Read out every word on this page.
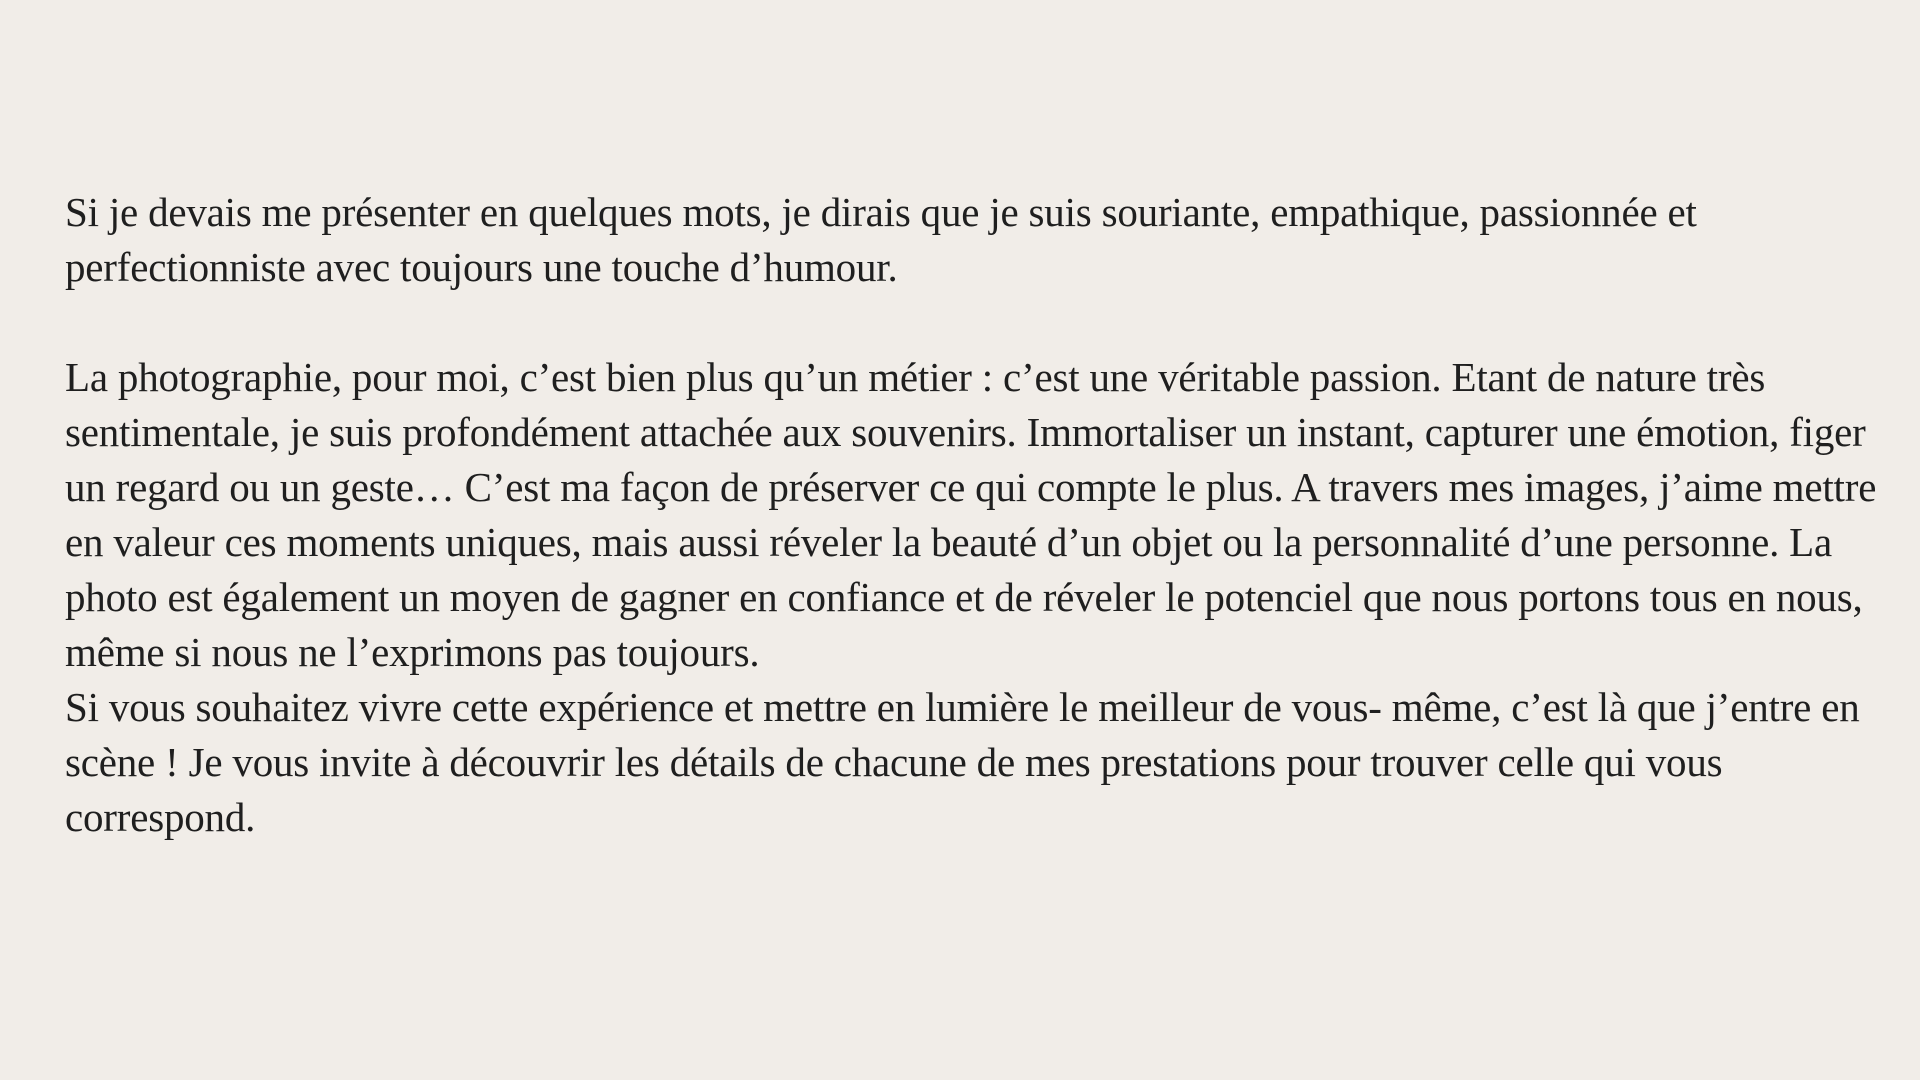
Si je devais me présenter en quelques mots, je dirais que je suis souriante, empathique, passionnée et perfectionniste avec toujours une touche d’humour.

La photographie, pour moi, c’est bien plus qu’un métier : c’est une véritable passion. Etant de nature très sentimentale, je suis profondément attachée aux souvenirs. Immortaliser un instant, capturer une émotion, figer un regard ou un geste… C’est ma façon de préserver ce qui compte le plus. A travers mes images, j’aime mettre en valeur ces moments uniques, mais aussi réveler la beauté d’un objet ou la personnalité d’une personne. La photo est également un moyen de gagner en confiance et de réveler le potenciel que nous portons tous en nous, même si nous ne l’exprimons pas toujours.

Si vous souhaitez vivre cette expérience et mettre en lumière le meilleur de vous- même, c’est là que j’entre en scène ! Je vous invite à découvrir les détails de chacune de mes prestations pour trouver celle qui vous correspond.
